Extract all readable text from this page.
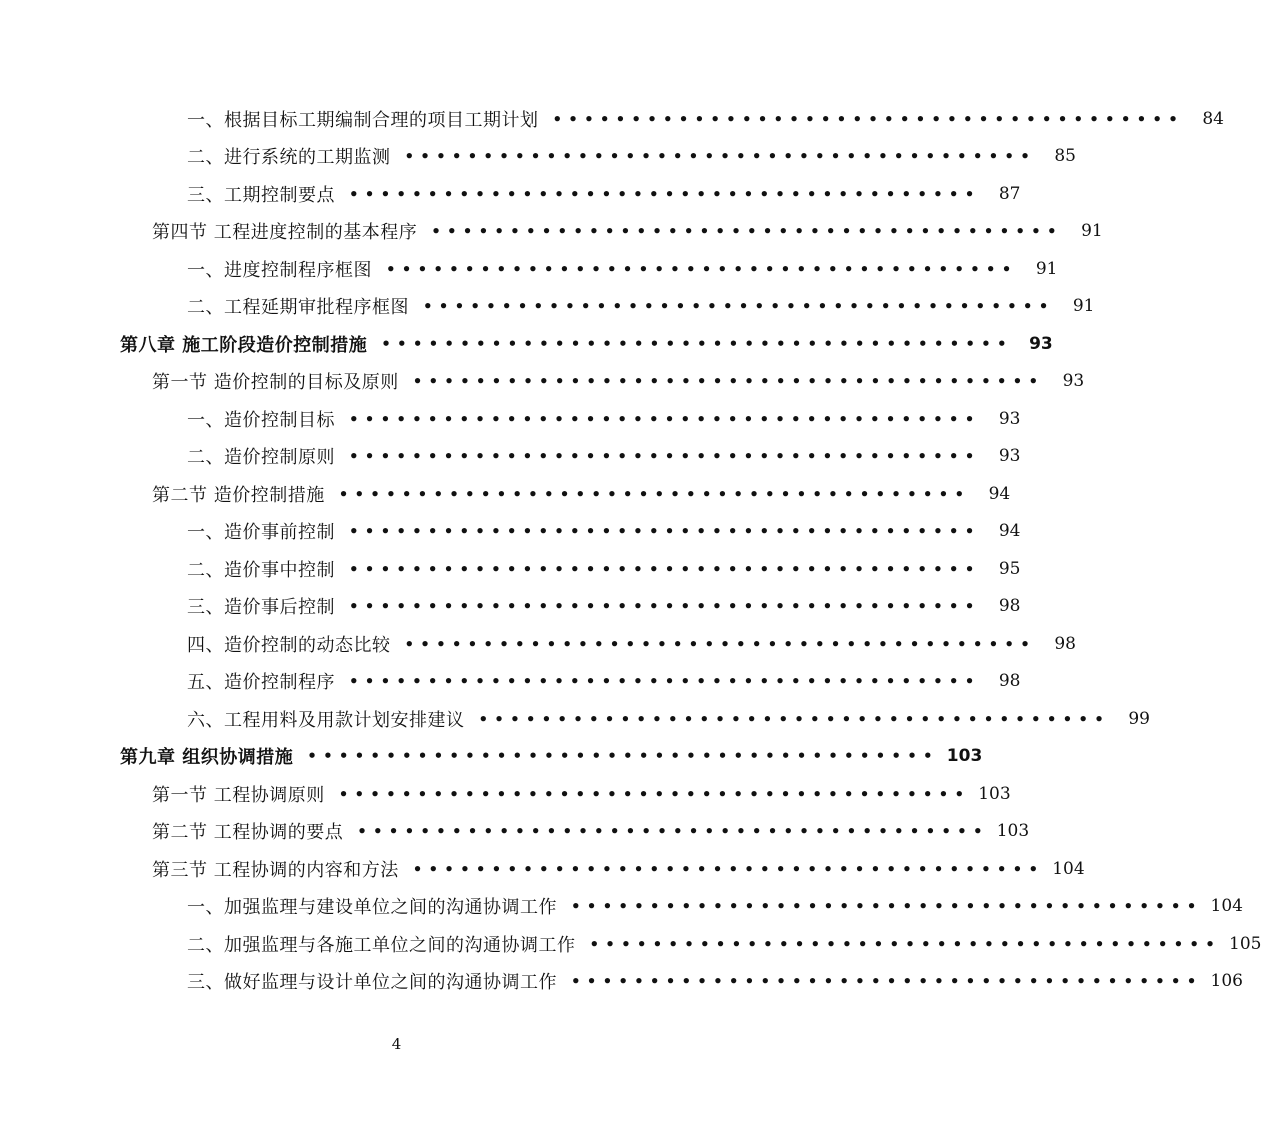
一、根据目标工期编制合理的项目工期计划 ••••••••••••••••••••••••••••••••••••••••	84
二、进行系统的工期监测 ••••••••••••••••••••••••••••••••••••••••	85
三、工期控制要点 ••••••••••••••••••••••••••••••••••••••••	87
第四节 工程进度控制的基本程序 ••••••••••••••••••••••••••••••••••••••••	91
一、进度控制程序框图 ••••••••••••••••••••••••••••••••••••••••	91
二、工程延期审批程序框图 ••••••••••••••••••••••••••••••••••••••••	91
第八章 施工阶段造价控制措施 •••••••••••••••••••••••••••••••••••••••• 93
第一节 造价控制的目标及原则 ••••••••••••••••••••••••••••••••••••••••	93
一、造价控制目标 ••••••••••••••••••••••••••••••••••••••••	93
二、造价控制原则 ••••••••••••••••••••••••••••••••••••••••	93
第二节 造价控制措施 ••••••••••••••••••••••••••••••••••••••••	94
一、造价事前控制 ••••••••••••••••••••••••••••••••••••••••	94
二、造价事中控制 ••••••••••••••••••••••••••••••••••••••••	95
三、造价事后控制 ••••••••••••••••••••••••••••••••••••••••	98
四、造价控制的动态比较 ••••••••••••••••••••••••••••••••••••••••	98
五、造价控制程序 ••••••••••••••••••••••••••••••••••••••••	98
六、工程用料及用款计划安排建议 ••••••••••••••••••••••••••••••••••••••••	99
第九章 组织协调措施 •••••••••••••••••••••••••••••••••••••••• 103
第一节 工程协调原则 •••••••••••••••••••••••••••••••••••••••• 103
第二节 工程协调的要点 •••••••••••••••••••••••••••••••••••••••• 103
第三节 工程协调的内容和方法 •••••••••••••••••••••••••••••••••••••••• 104
一、加强监理与建设单位之间的沟通协调工作 •••••••••••••••••••••••••••••••••••••••• 104
二、加强监理与各施工单位之间的沟通协调工作 •••••••••••••••••••••••••••••••••••••••• 105
三、做好监理与设计单位之间的沟通协调工作 •••••••••••••••••••••••••••••••••••••••• 106
4
